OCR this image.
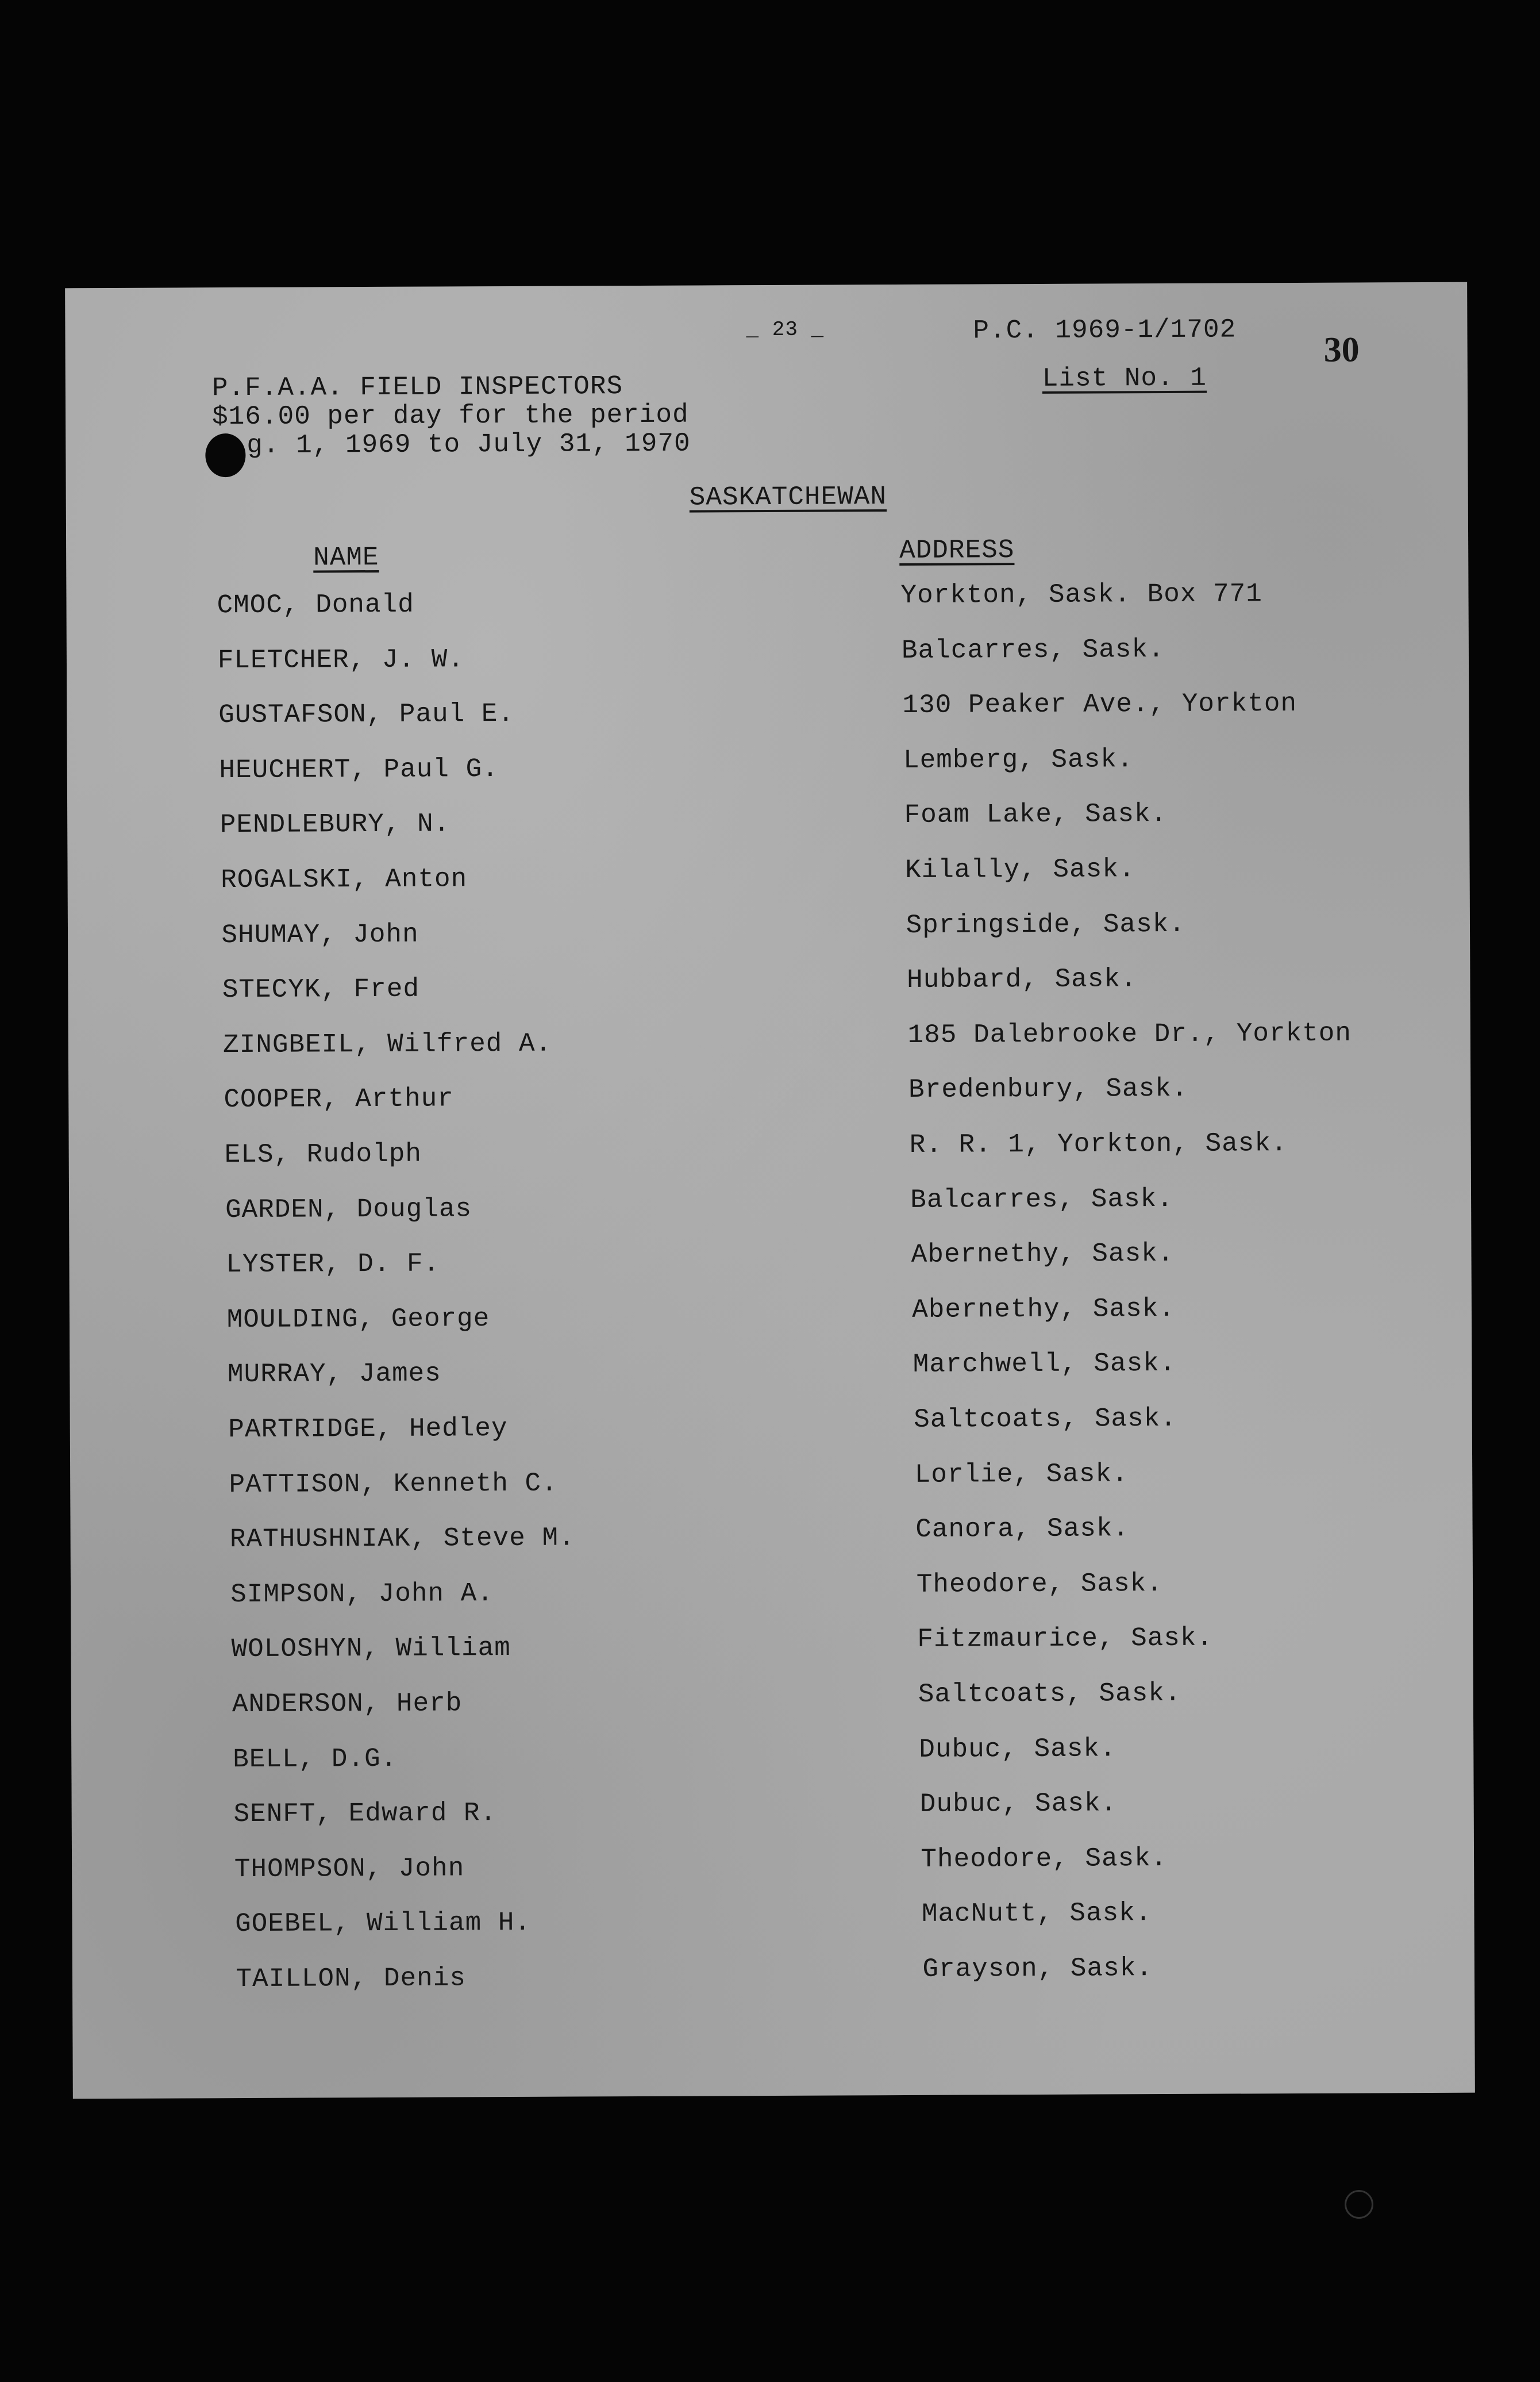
_ 23 _	P.C. 1969-1/1702
30
List No. 1
P.F.A.A. FIELD INSPECTORS
$16.00 per day for the period
g. 1, 1969 to July 31, 1970
SASKATCHEWAN
NAME	ADDRESS
CMOC, Donald	Yorkton, Sask. Box 771
FLETCHER, J. W.	Balcarres, Sask.
GUSTAFSON, Paul E.	130 Peaker Ave., Yorkton
HEUCHERT, Paul G.	Lemberg, Sask.
PENDLEBURY, N.	Foam Lake, Sask.
ROGALSKI, Anton	Kilally, Sask.
SHUMAY, John	Springside, Sask.
STECYK, Fred	Hubbard, Sask.
ZINGBEIL, Wilfred A.	185 Dalebrooke Dr., Yorkton
COOPER, Arthur	Bredenbury, Sask.
ELS, Rudolph	R. R. 1, Yorkton, Sask.
GARDEN, Douglas	Balcarres, Sask.
LYSTER, D. F.	Abernethy, Sask.
MOULDING, George	Abernethy, Sask.
MURRAY, James	Marchwell, Sask.
PARTRIDGE, Hedley	Saltcoats, Sask.
PATTISON, Kenneth C.	Lorlie, Sask.
RATHUSHNIAK, Steve M.	Canora, Sask.
SIMPSON, John A.	Theodore, Sask.
WOLOSHYN, William	Fitzmaurice, Sask.
ANDERSON, Herb	Saltcoats, Sask.
BELL, D.G.	Dubuc, Sask.
SENFT, Edward R.	Dubuc, Sask.
THOMPSON, John	Theodore, Sask.
GOEBEL, William H.	MacNutt, Sask.
TAILLON, Denis	Grayson, Sask.
